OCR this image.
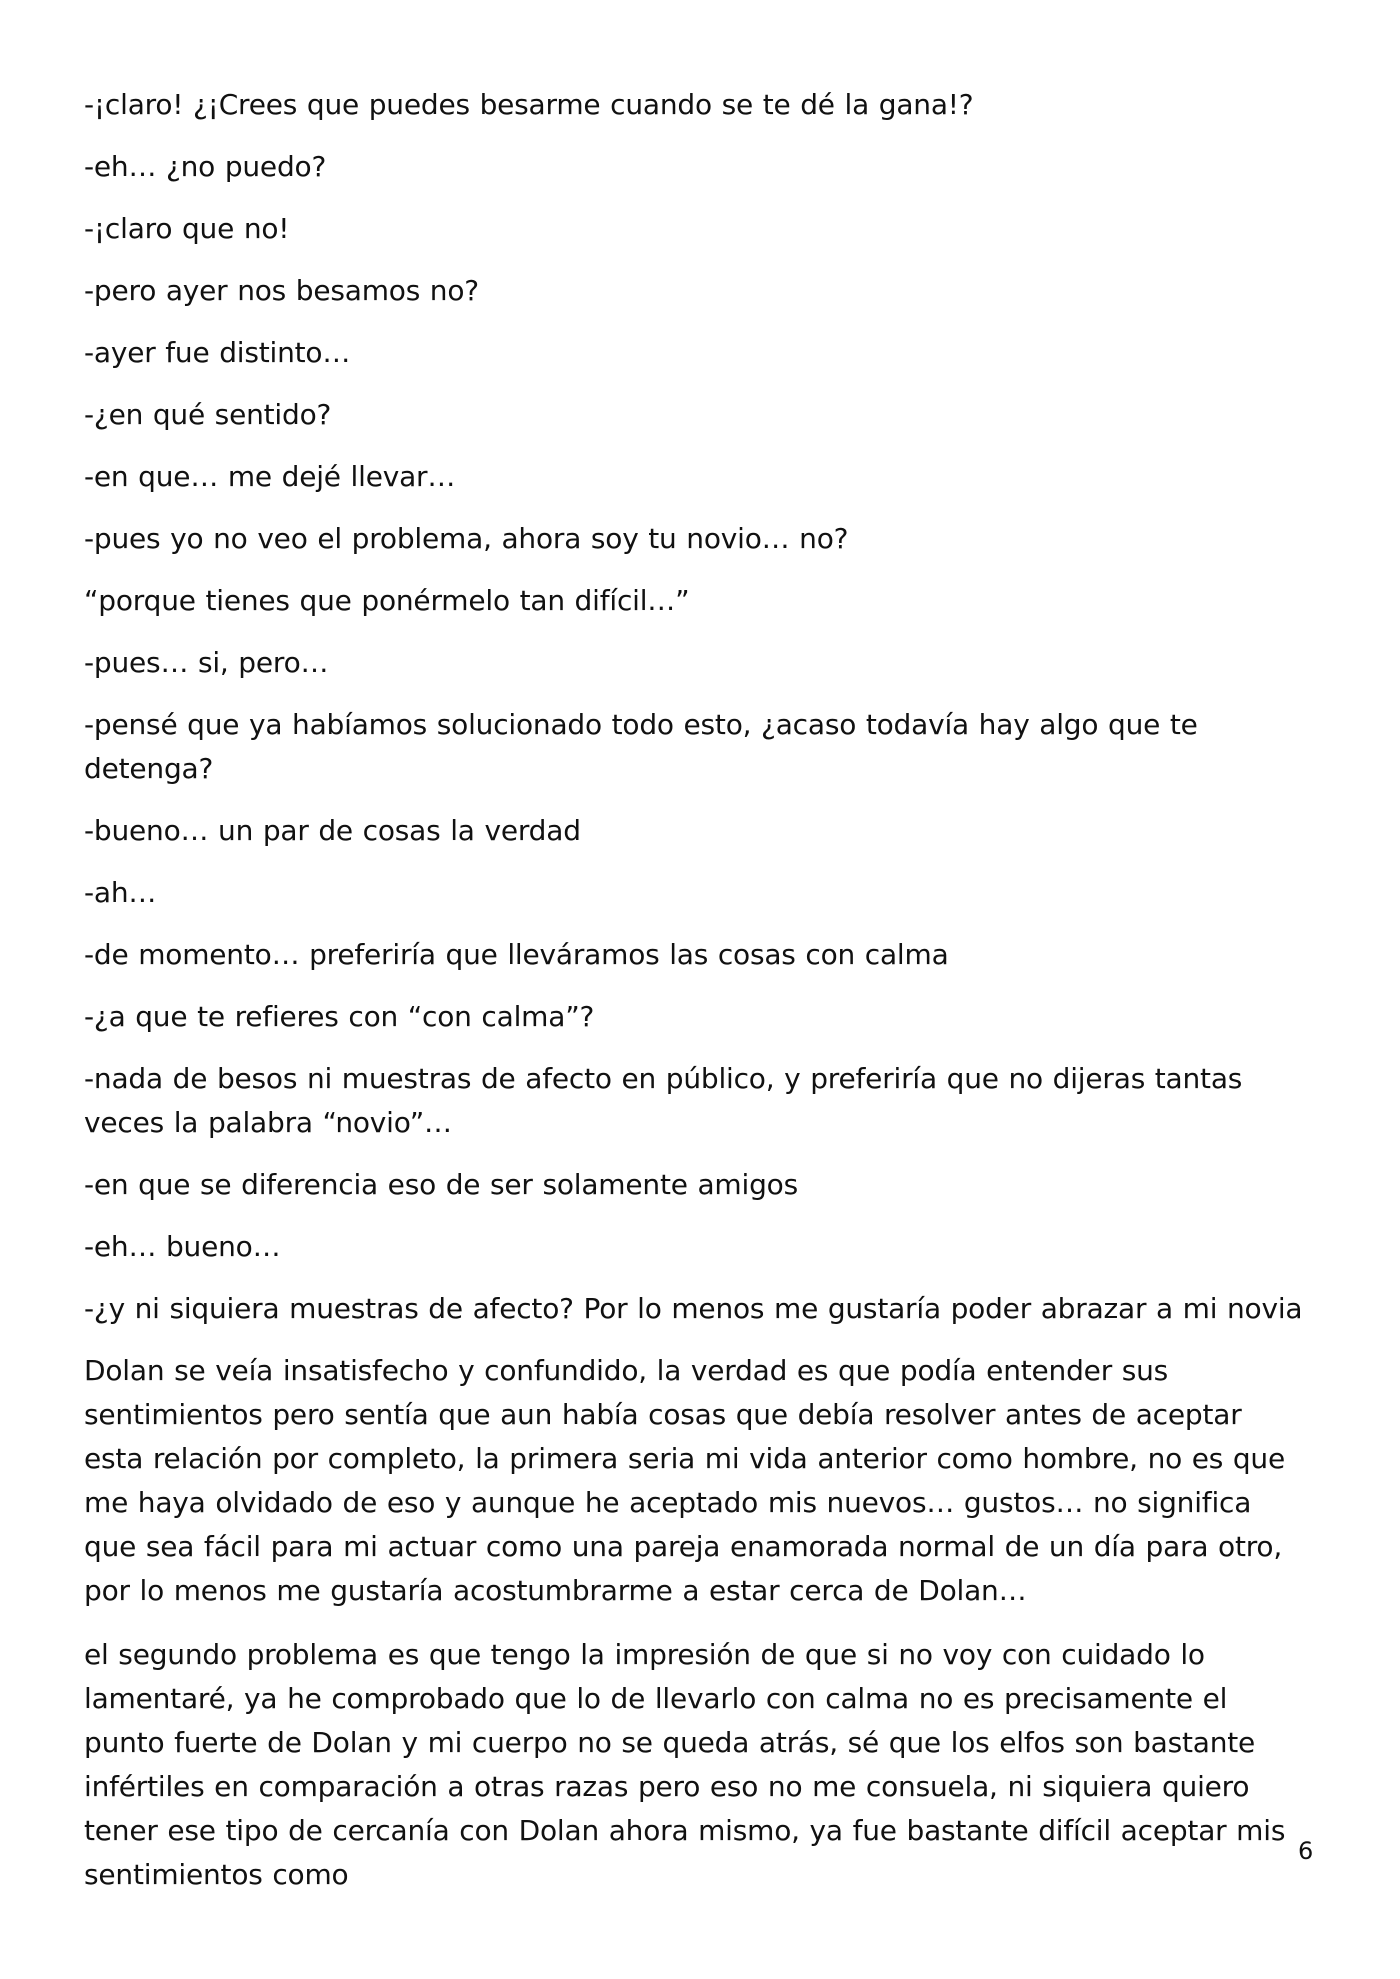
-¡claro! ¿¡Crees que puedes besarme cuando se te dé la gana!?

-eh… ¿no puedo?

-¡claro que no!

-pero ayer nos besamos no?

-ayer fue distinto…

-¿en qué sentido?

-en que… me dejé llevar…

-pues yo no veo el problema, ahora soy tu novio… no?

“porque tienes que ponérmelo tan difícil…”

-pues… si, pero…

-pensé que ya habíamos solucionado todo esto, ¿acaso todavía hay algo que te detenga?

-bueno… un par de cosas la verdad

-ah…

-de momento… preferiría que lleváramos las cosas con calma

-¿a que te refieres con “con calma”?

-nada de besos ni muestras de afecto en público, y preferiría que no dijeras tantas veces la palabra “novio”…

-en que se diferencia eso de ser solamente amigos

-eh… bueno…

-¿y ni siquiera muestras de afecto? Por lo menos me gustaría poder abrazar a mi novia

Dolan se veía insatisfecho y confundido, la verdad es que podía entender sus sentimientos pero sentía que aun había cosas que debía resolver antes de aceptar esta relación por completo, la primera seria mi vida anterior como hombre, no es que me haya olvidado de eso y aunque he aceptado mis nuevos… gustos… no significa que sea fácil para mi actuar como una pareja enamorada normal de un día para otro, por lo menos me gustaría acostumbrarme a estar cerca de Dolan…

el segundo problema es que tengo la impresión de que si no voy con cuidado lo lamentaré, ya he comprobado que lo de llevarlo con calma no es precisamente el punto fuerte de Dolan y mi cuerpo no se queda atrás, sé que los elfos son bastante infértiles en comparación a otras razas pero eso no me consuela, ni siquiera quiero tener ese tipo de cercanía con Dolan ahora mismo, ya fue bastante difícil aceptar mis sentimientos como

6
